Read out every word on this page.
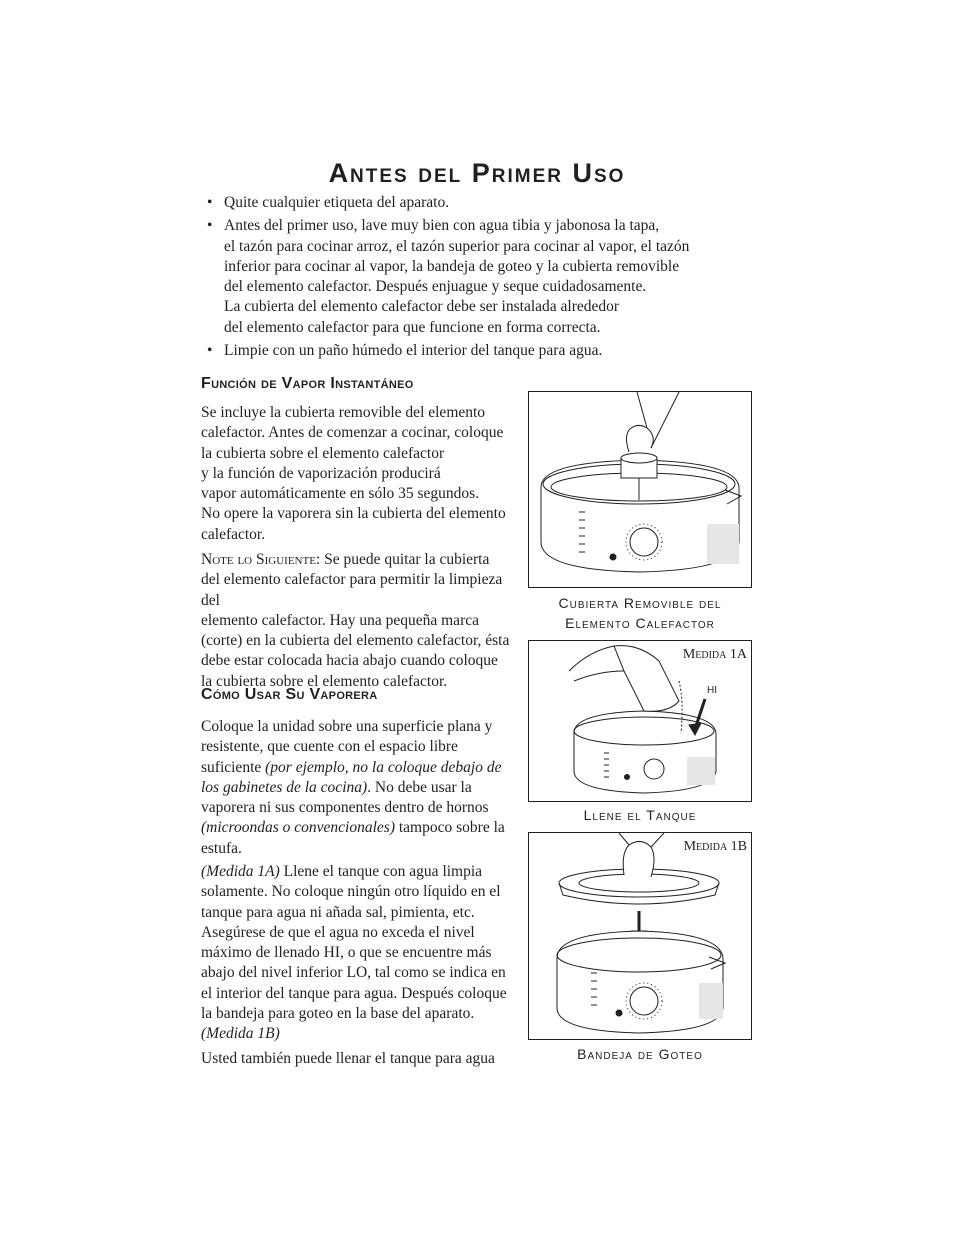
Antes del Primer Uso
• Quite cualquier etiqueta del aparato.
• Antes del primer uso, lave muy bien con agua tibia y jabonosa la tapa,
el tazón para cocinar arroz, el tazón superior para cocinar al vapor, el tazón
inferior para cocinar al vapor, la bandeja de goteo y la cubierta removible
del elemento calefactor. Después enjuague y seque cuidadosamente.
La cubierta del elemento calefactor debe ser instalada alrededor
del elemento calefactor para que funcione en forma correcta.
• Limpie con un paño húmedo el interior del tanque para agua.
Función de Vapor Instantáneo

Se incluye la cubierta removible del elemento
calefactor. Antes de comenzar a cocinar, coloque
la cubierta sobre el elemento calefactor
y la función de vaporización producirá
vapor automáticamente en sólo 35 segundos.
No opere la vaporera sin la cubierta del elemento
calefactor.

Note lo Siguiente: Se puede quitar la cubierta
del elemento calefactor para permitir la limpieza del
elemento calefactor. Hay una pequeña marca
(corte) en la cubierta del elemento calefactor, ésta
debe estar colocada hacia abajo cuando coloque
la cubierta sobre el elemento calefactor.

Cómo Usar Su Vaporera

Coloque la unidad sobre una superficie plana y
resistente, que cuente con el espacio libre
suficiente (por ejemplo, no la coloque debajo de
los gabinetes de la cocina). No debe usar la
vaporera ni sus componentes dentro de hornos
(microondas o convencionales) tampoco sobre la
estufa.

(Medida 1A) Llene el tanque con agua limpia
solamente. No coloque ningún otro líquido en el
tanque para agua ni añada sal, pimienta, etc.
Asegúrese de que el agua no exceda el nivel
máximo de llenado HI, o que se encuentre más
abajo del nivel inferior LO, tal como se indica en
el interior del tanque para agua. Después coloque
la bandeja para goteo en la base del aparato.
(Medida 1B)

Usted también puede llenar el tanque para agua

Cubierta Removible del
Elemento Calefactor

Medida 1A
HI

Llene el Tanque

Medida 1B

Bandeja de Goteo
